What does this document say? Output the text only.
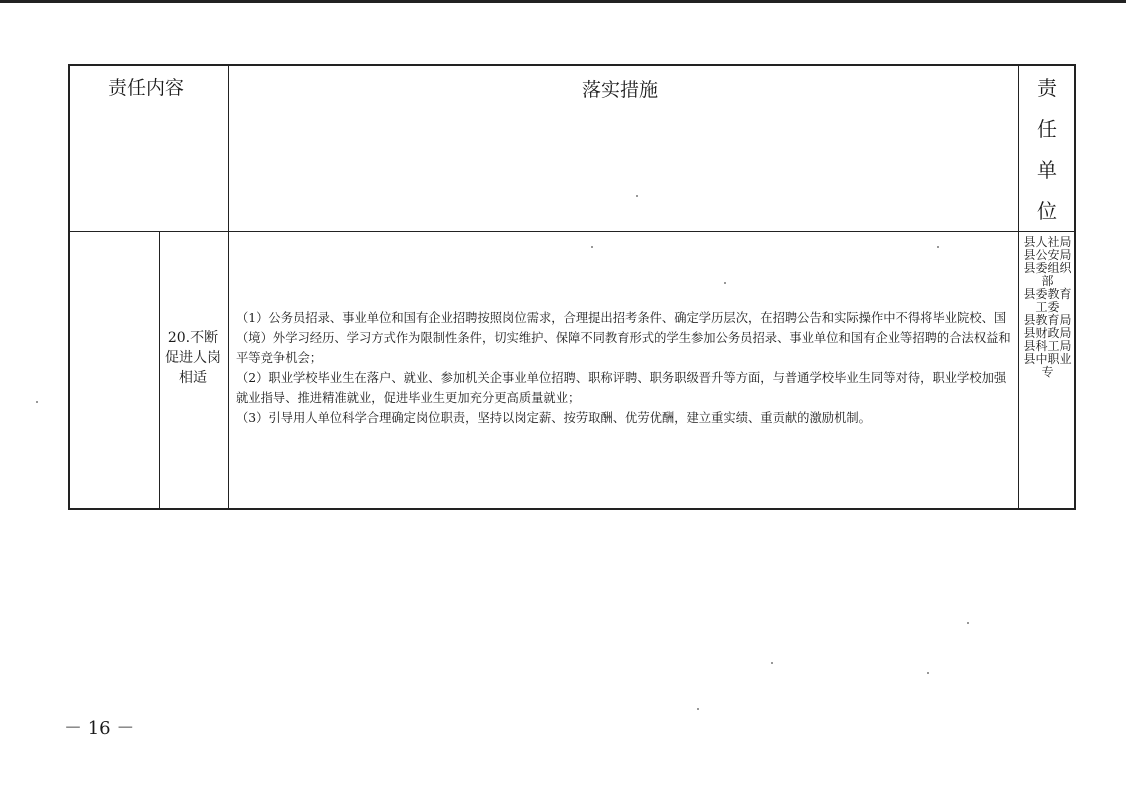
责任内容	落实措施	责
任
单
位
20.不断促进人岗相适

（1）公务员招录、事业单位和国有企业招聘按照岗位需求，合理提出招考条件、确定学历层次，在招聘公告和实际操作中不得将毕业院校、国（境）外学习经历、学习方式作为限制性条件，切实维护、保障不同教育形式的学生参加公务员招录、事业单位和国有企业等招聘的合法权益和平等竞争机会；

（2）职业学校毕业生在落户、就业、参加机关企事业单位招聘、职称评聘、职务职级晋升等方面，与普通学校毕业生同等对待，职业学校加强就业指导、推进精准就业，促进毕业生更加充分更高质量就业；

（3）引导用人单位科学合理确定岗位职责，坚持以岗定薪、按劳取酬、优劳优酬，建立重实绩、重贡献的激励机制。

县人社局
县公安局
县委组织部
县委教育工委
县教育局
县财政局
县科工局
县中职业专
－ 16 －
